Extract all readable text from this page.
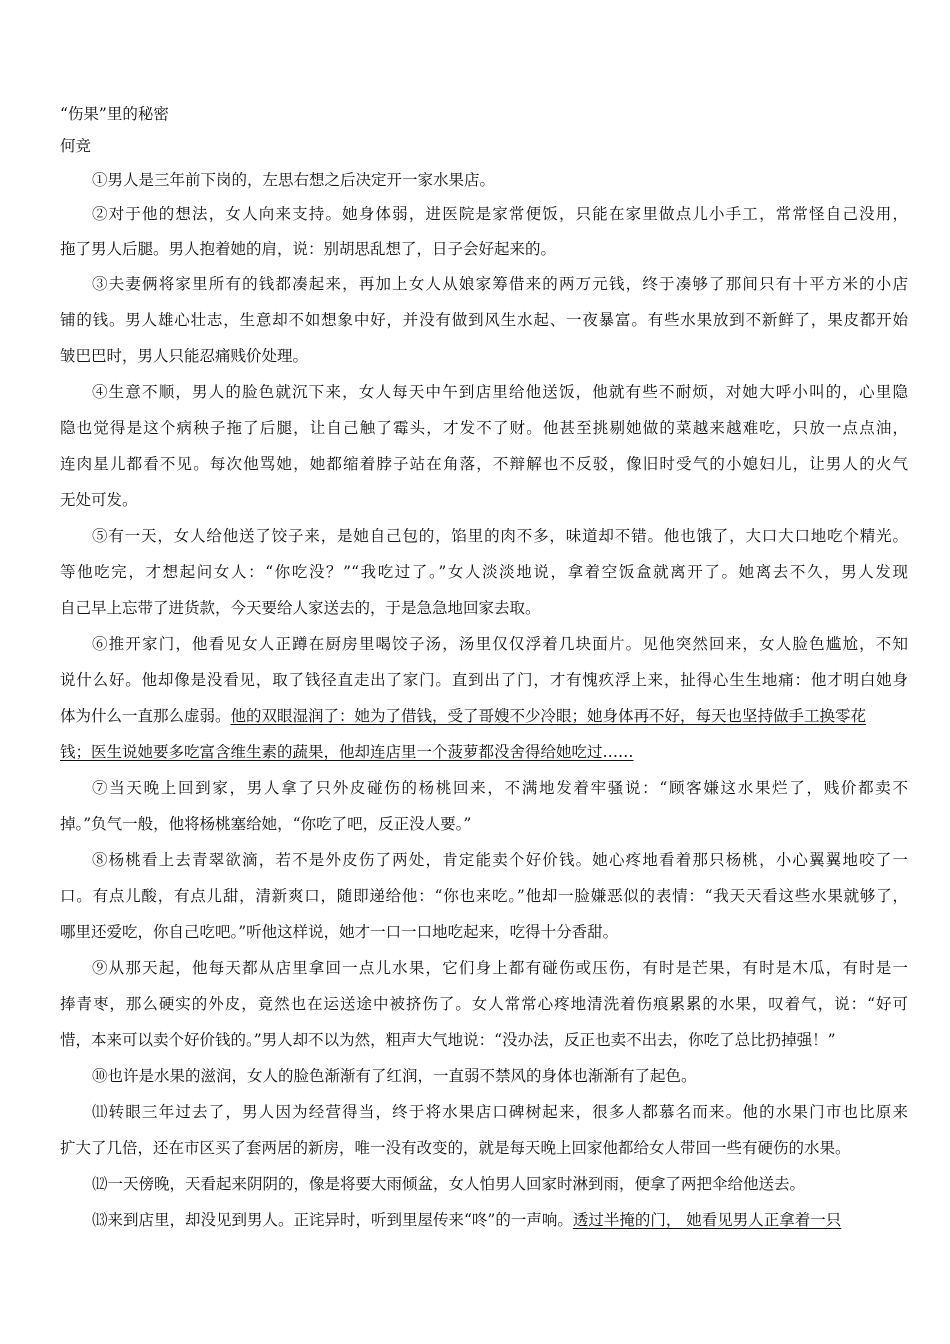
“伤果”里的秘密
何竞
①男人是三年前下岗的，左思右想之后决定开一家水果店。
②对于他的想法，女人向来支持。她身体弱，进医院是家常便饭，只能在家里做点儿小手工，常常怪自己没用，
拖了男人后腿。男人抱着她的肩，说：别胡思乱想了，日子会好起来的。
③夫妻俩将家里所有的钱都凑起来，再加上女人从娘家筹借来的两万元钱，终于凑够了那间只有十平方米的小店
铺的钱。男人雄心壮志，生意却不如想象中好，并没有做到风生水起、一夜暴富。有些水果放到不新鲜了，果皮都开始
皱巴巴时，男人只能忍痛贱价处理。
④生意不顺，男人的脸色就沉下来，女人每天中午到店里给他送饭，他就有些不耐烦，对她大呼小叫的，心里隐
隐也觉得是这个病秧子拖了后腿，让自己触了霉头，才发不了财。他甚至挑剔她做的菜越来越难吃，只放一点点油，
连肉星儿都看不见。每次他骂她，她都缩着脖子站在角落，不辩解也不反驳，像旧时受气的小媳妇儿，让男人的火气
无处可发。
⑤有一天，女人给他送了饺子来，是她自己包的，馅里的肉不多，味道却不错。他也饿了，大口大口地吃个精光。
等他吃完，才想起问女人：“你吃没？”“我吃过了。”女人淡淡地说，拿着空饭盒就离开了。她离去不久，男人发现
自己早上忘带了进货款，今天要给人家送去的，于是急急地回家去取。
⑥推开家门，他看见女人正蹲在厨房里喝饺子汤，汤里仅仅浮着几块面片。见他突然回来，女人脸色尴尬，不知
说什么好。他却像是没看见，取了钱径直走出了家门。直到出了门，才有愧疚浮上来，扯得心生生地痛：他才明白她身
体为什么一直那么虚弱。他的双眼湿润了：她为了借钱，受了哥嫂不少冷眼；她身体再不好，每天也坚持做手工换零花
钱；医生说她要多吃富含维生素的蔬果，他却连店里一个菠萝都没舍得给她吃过……
⑦当天晚上回到家，男人拿了只外皮碰伤的杨桃回来，不满地发着牢骚说：“顾客嫌这水果烂了，贱价都卖不
掉。”负气一般，他将杨桃塞给她，“你吃了吧，反正没人要。”
⑧杨桃看上去青翠欲滴，若不是外皮伤了两处，肯定能卖个好价钱。她心疼地看着那只杨桃，小心翼翼地咬了一
口。有点儿酸，有点儿甜，清新爽口，随即递给他：“你也来吃。”他却一脸嫌恶似的表情：“我天天看这些水果就够了，
哪里还爱吃，你自己吃吧。”听他这样说，她才一口一口地吃起来，吃得十分香甜。
⑨从那天起，他每天都从店里拿回一点儿水果，它们身上都有碰伤或压伤，有时是芒果，有时是木瓜，有时是一
捧青枣，那么硬实的外皮，竟然也在运送途中被挤伤了。女人常常心疼地清洗着伤痕累累的水果，叹着气，说：“好可
惜，本来可以卖个好价钱的。”男人却不以为然，粗声大气地说：“没办法，反正也卖不出去，你吃了总比扔掉强！”
⑩也许是水果的滋润，女人的脸色渐渐有了红润，一直弱不禁风的身体也渐渐有了起色。
⑾转眼三年过去了，男人因为经营得当，终于将水果店口碑树起来，很多人都慕名而来。他的水果门市也比原来
扩大了几倍，还在市区买了套两居的新房，唯一没有改变的，就是每天晚上回家他都给女人带回一些有硬伤的水果。
⑿一天傍晚，天看起来阴阴的，像是将要大雨倾盆，女人怕男人回家时淋到雨，便拿了两把伞给他送去。
⒀来到店里，却没见到男人。正诧异时，听到里屋传来“咚”的一声响。透过半掩的门， 她看见男人正拿着一只
